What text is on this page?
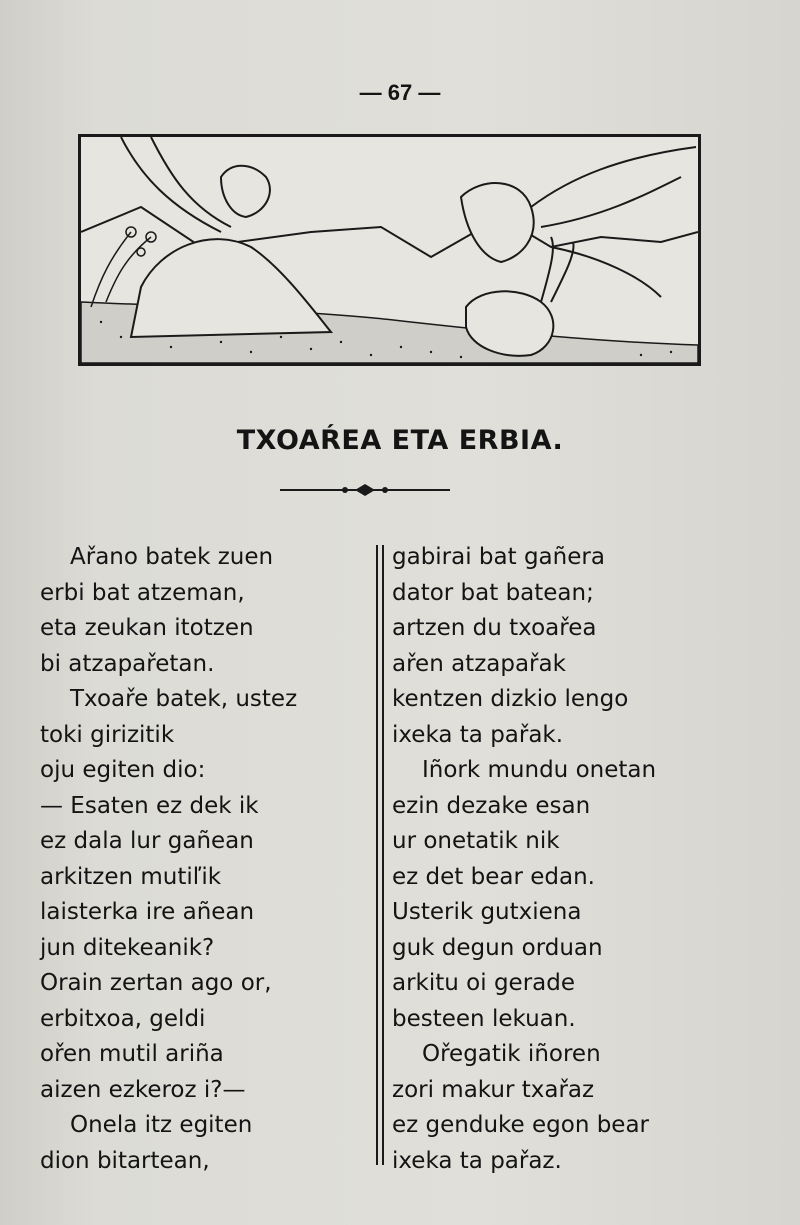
— 67 —
TXOAŔEA ETA ERBIA.
Ařano batek zuen
erbi bat atzeman,
eta zeukan itotzen
bi atzapařetan.
Txoaře batek, ustez
toki girizitik
oju egiten dio:
— Esaten ez dek ik
ez dala lur gañean
arkitzen mutiľik
laisterka ire añean
jun ditekeanik?
Orain zertan ago or,
erbitxoa, geldi
ořen mutil ariña
aizen ezkeroz i?—
Onela itz egiten
dion bitartean,
gabirai bat gañera
dator bat batean;
artzen du txoařea
ařen atzapařak
kentzen dizkio lengo
ixeka ta pařak.
Iñork mundu onetan
ezin dezake esan
ur onetatik nik
ez det bear edan.
Usterik gutxiena
guk degun orduan
arkitu oi gerade
besteen lekuan.
Ořegatik iñoren
zori makur txařaz
ez genduke egon bear
ixeka ta pařaz.
